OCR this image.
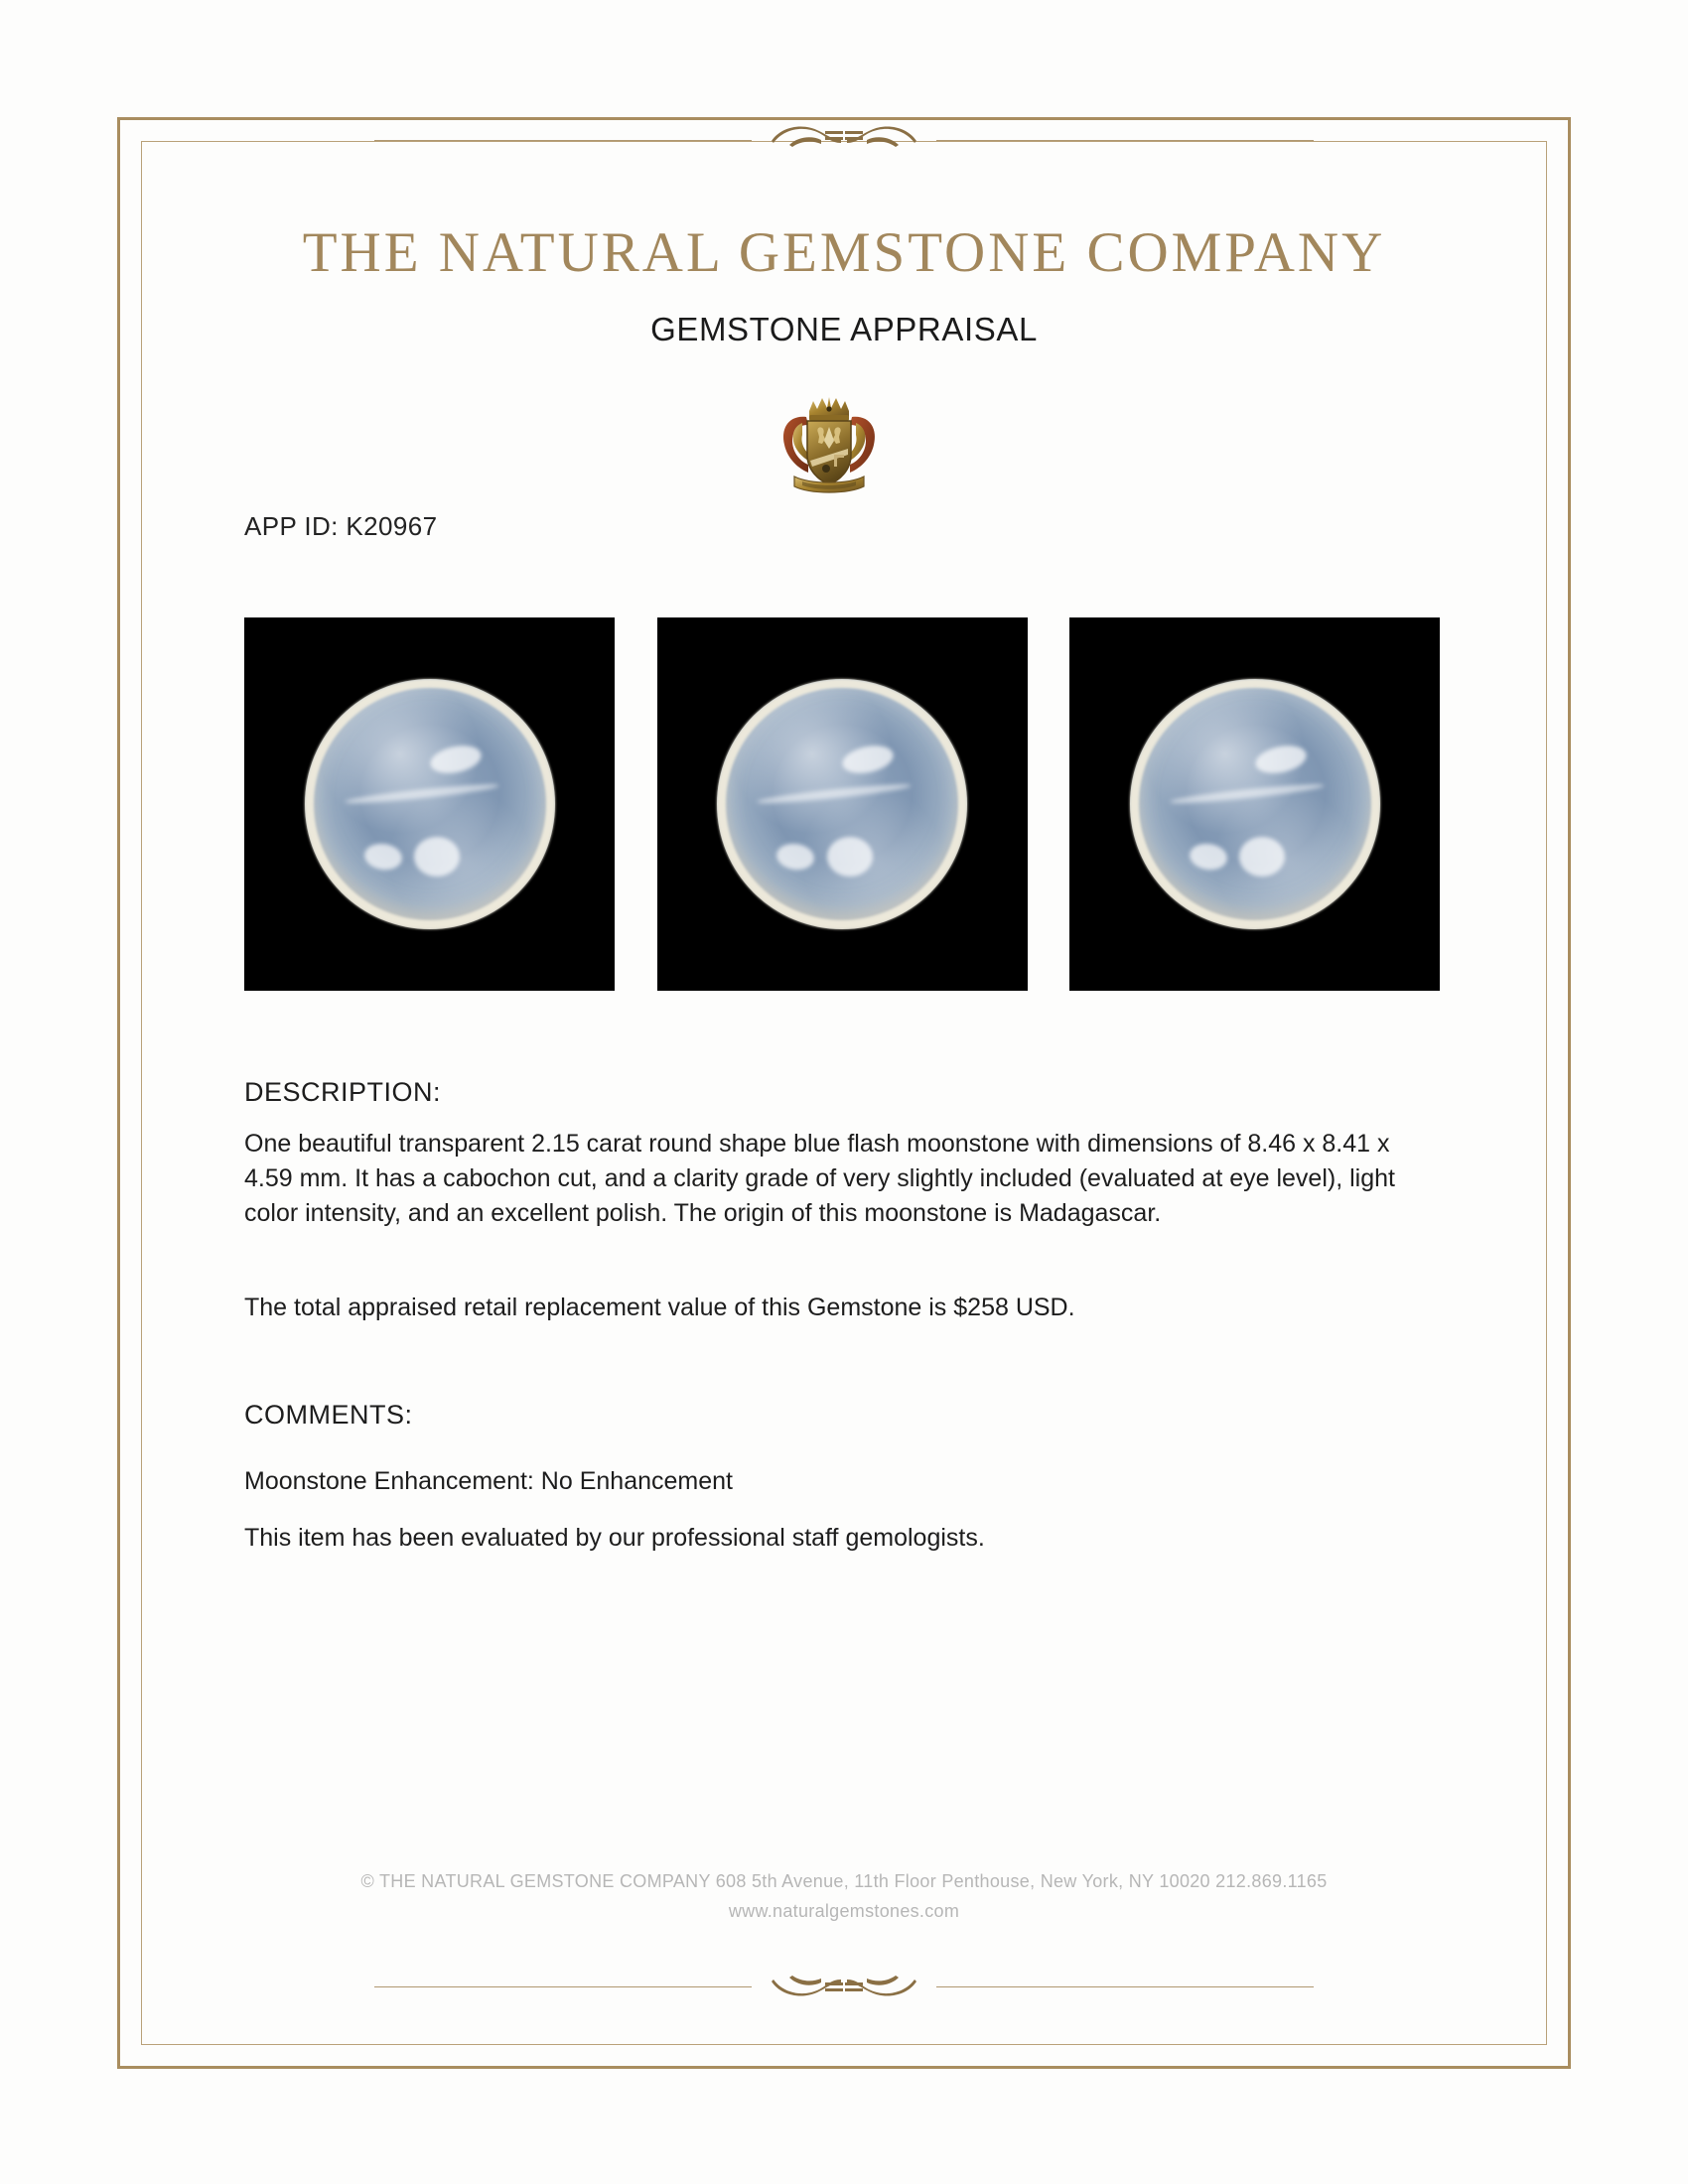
THE NATURAL GEMSTONE COMPANY
GEMSTONE APPRAISAL
APP ID: K20967
DESCRIPTION:
One beautiful transparent 2.15 carat round shape blue flash moonstone with dimensions of 8.46 x 8.41 x 4.59 mm. It has a cabochon cut, and a clarity grade of very slightly included (evaluated at eye level), light color intensity, and an excellent polish. The origin of this moonstone is Madagascar.
The total appraised retail replacement value of this Gemstone is $258 USD.
COMMENTS:
Moonstone Enhancement: No Enhancement
This item has been evaluated by our professional staff gemologists.
© THE NATURAL GEMSTONE COMPANY 608 5th Avenue, 11th Floor Penthouse, New York, NY 10020 212.869.1165
www.naturalgemstones.com
